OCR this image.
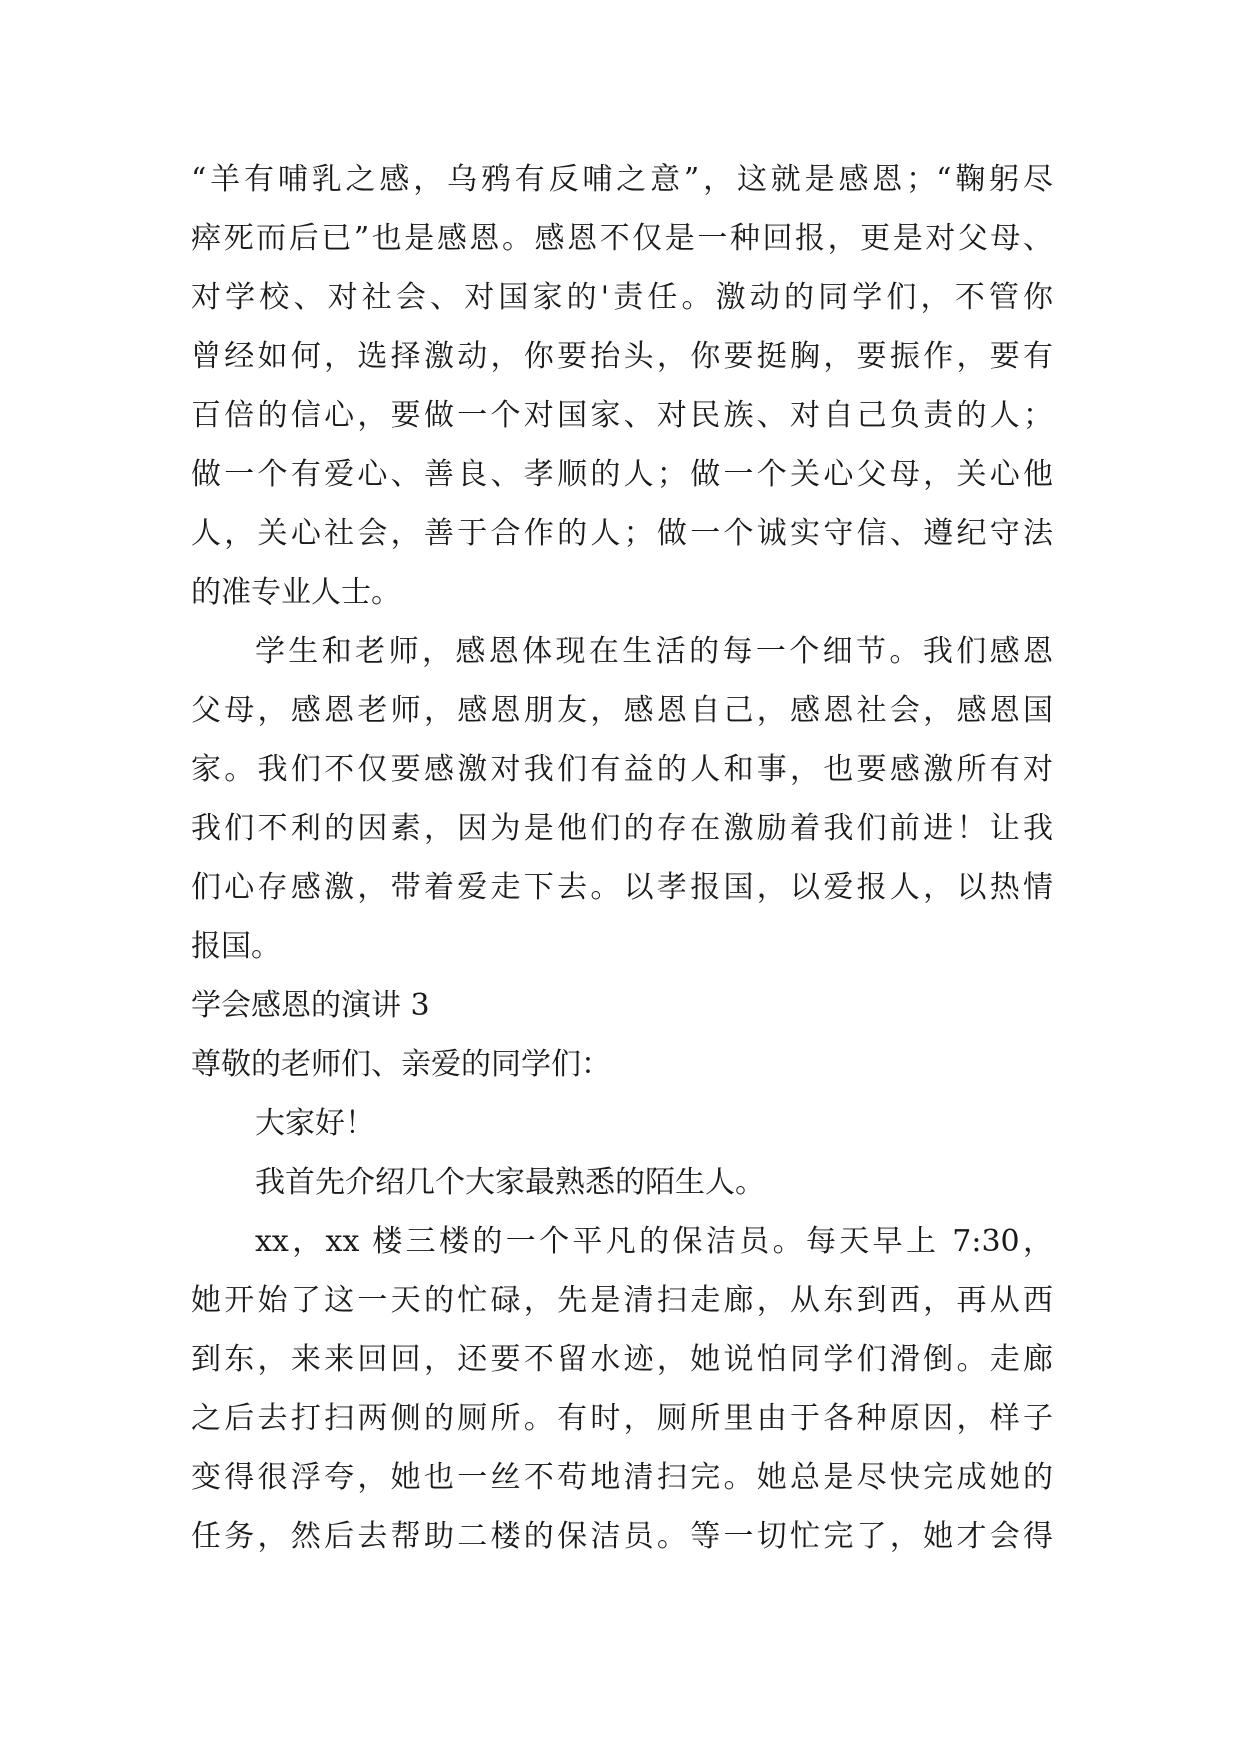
“羊有哺乳之感，乌鸦有反哺之意”，这就是感恩；“鞠躬尽
瘁死而后已”也是感恩。感恩不仅是一种回报，更是对父母、
对学校、对社会、对国家的'责任。激动的同学们，不管你
曾经如何，选择激动，你要抬头，你要挺胸，要振作，要有
百倍的信心，要做一个对国家、对民族、对自己负责的人；
做一个有爱心、善良、孝顺的人；做一个关心父母，关心他
人，关心社会，善于合作的人；做一个诚实守信、遵纪守法
的准专业人士。
学生和老师，感恩体现在生活的每一个细节。我们感恩
父母，感恩老师，感恩朋友，感恩自己，感恩社会，感恩国
家。我们不仅要感激对我们有益的人和事，也要感激所有对
我们不利的因素，因为是他们的存在激励着我们前进！让我
们心存感激，带着爱走下去。以孝报国，以爱报人，以热情
报国。
学会感恩的演讲 3
尊敬的老师们、亲爱的同学们：
大家好！
我首先介绍几个大家最熟悉的陌生人。
xx，xx 楼三楼的一个平凡的保洁员。每天早上 7:30，
她开始了这一天的忙碌，先是清扫走廊，从东到西，再从西
到东，来来回回，还要不留水迹，她说怕同学们滑倒。走廊
之后去打扫两侧的厕所。有时，厕所里由于各种原因，样子
变得很浮夸，她也一丝不苟地清扫完。她总是尽快完成她的
任务，然后去帮助二楼的保洁员。等一切忙完了，她才会得
